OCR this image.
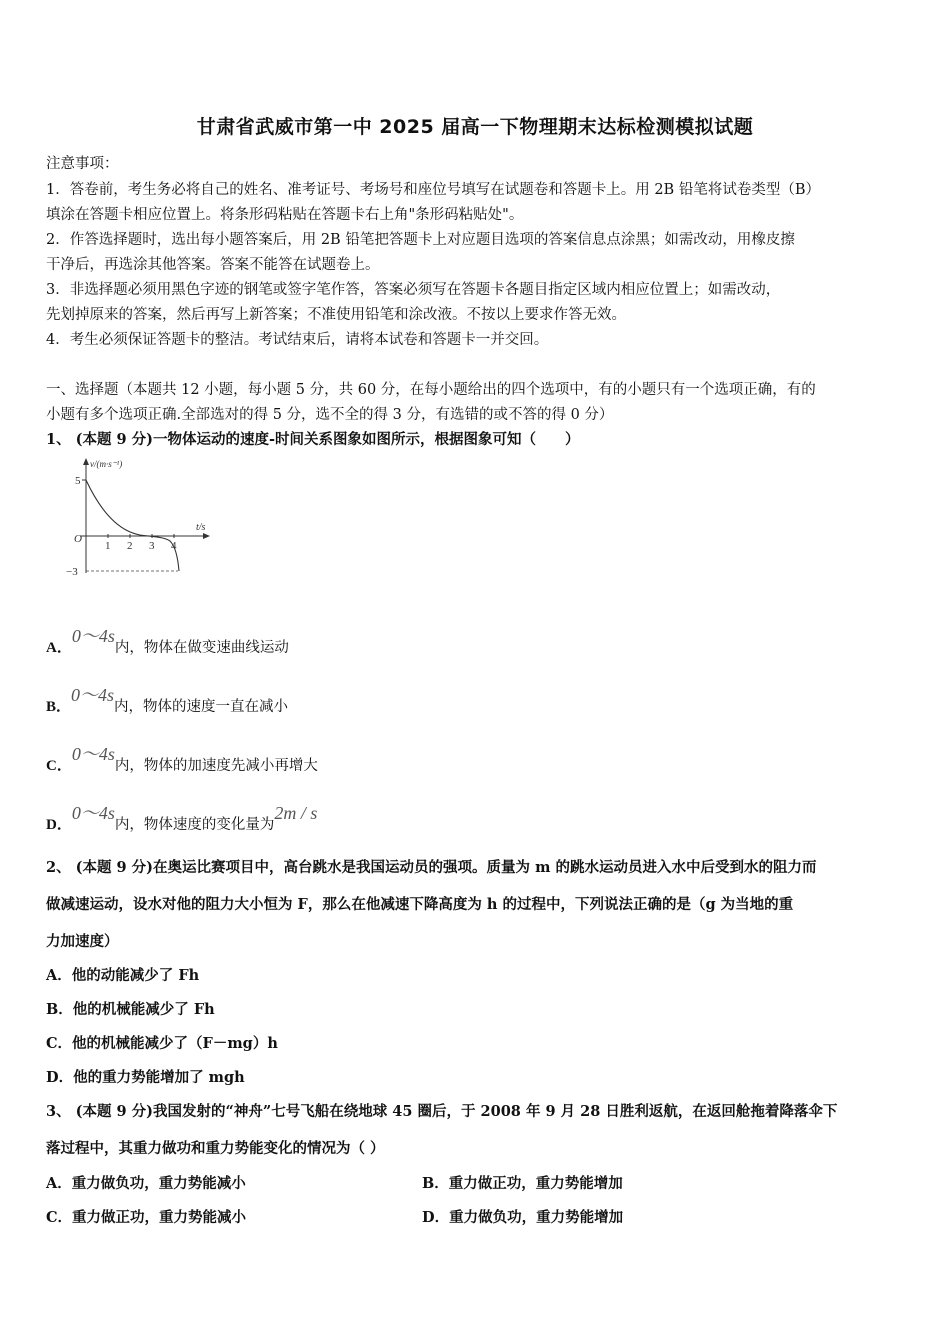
甘肃省武威市第一中 2025 届高一下物理期末达标检测模拟试题
注意事项：
1．答卷前，考生务必将自己的姓名、准考证号、考场号和座位号填写在试题卷和答题卡上。用 2B 铅笔将试卷类型（B）
填涂在答题卡相应位置上。将条形码粘贴在答题卡右上角"条形码粘贴处"。
2．作答选择题时，选出每小题答案后，用 2B 铅笔把答题卡上对应题目选项的答案信息点涂黑；如需改动，用橡皮擦
干净后，再选涂其他答案。答案不能答在试题卷上。
3．非选择题必须用黑色字迹的钢笔或签字笔作答，答案必须写在答题卡各题目指定区域内相应位置上；如需改动，
先划掉原来的答案，然后再写上新答案；不准使用铅笔和涂改液。不按以上要求作答无效。
4．考生必须保证答题卡的整洁。考试结束后，请将本试卷和答题卡一并交回。
一、选择题（本题共 12 小题，每小题 5 分，共 60 分，在每小题给出的四个选项中，有的小题只有一个选项正确，有的
小题有多个选项正确.全部选对的得 5 分，选不全的得 3 分，有选错的或不答的得 0 分）
1、 (本题 9 分)一物体运动的速度-时间关系图象如图所示，根据图象可知（　　）
v/(m·s⁻¹)
t/s
O
5
−3
1 2 3 4
A．0～4s内，物体在做变速曲线运动
B．0～4s内，物体的速度一直在减小
C．0～4s内，物体的加速度先减小再增大
D．0～4s内，物体速度的变化量为2m / s
2、 (本题 9 分)在奥运比赛项目中，高台跳水是我国运动员的强项。质量为 m 的跳水运动员进入水中后受到水的阻力而
做减速运动，设水对他的阻力大小恒为 F，那么在他减速下降高度为 h 的过程中，下列说法正确的是（g 为当地的重
力加速度）
A．他的动能减少了 Fh
B．他的机械能减少了 Fh
C．他的机械能减少了（F－mg）h
D．他的重力势能增加了 mgh
3、 (本题 9 分)我国发射的“神舟”七号飞船在绕地球 45 圈后，于 2008 年 9 月 28 日胜利返航，在返回舱拖着降落伞下
落过程中，其重力做功和重力势能变化的情况为（ ）
A．重力做负功，重力势能减小	B．重力做正功，重力势能增加
C．重力做正功，重力势能减小	D．重力做负功，重力势能增加
